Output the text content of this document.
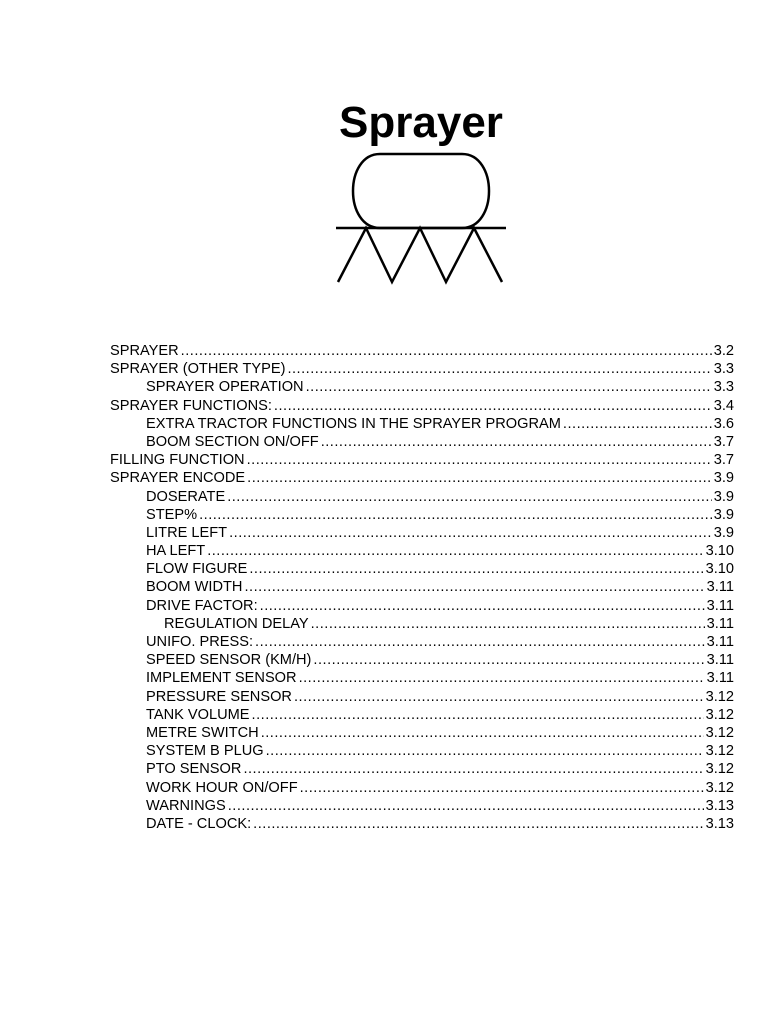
Sprayer
SPRAYER .....	3.2
SPRAYER (OTHER TYPE) .....	3.3
SPRAYER OPERATION .....	3.3
SPRAYER FUNCTIONS: .....	3.4
EXTRA TRACTOR FUNCTIONS IN THE SPRAYER PROGRAM .....	3.6
BOOM SECTION ON/OFF .....	3.7
FILLING FUNCTION .....	3.7
SPRAYER ENCODE .....	3.9
DOSERATE .....	3.9
STEP% .....	3.9
LITRE LEFT .....	3.9
HA LEFT .....	3.10
FLOW FIGURE .....	3.10
BOOM WIDTH .....	3.11
DRIVE FACTOR: .....	3.11
REGULATION DELAY .....	3.11
UNIFO. PRESS: .....	3.11
SPEED SENSOR (KM/H) .....	3.11
IMPLEMENT SENSOR .....	3.11
PRESSURE SENSOR .....	3.12
TANK VOLUME .....	3.12
METRE SWITCH .....	3.12
SYSTEM B PLUG .....	3.12
PTO SENSOR .....	3.12
WORK HOUR ON/OFF .....	3.12
WARNINGS .....	3.13
DATE - CLOCK: .....	3.13
